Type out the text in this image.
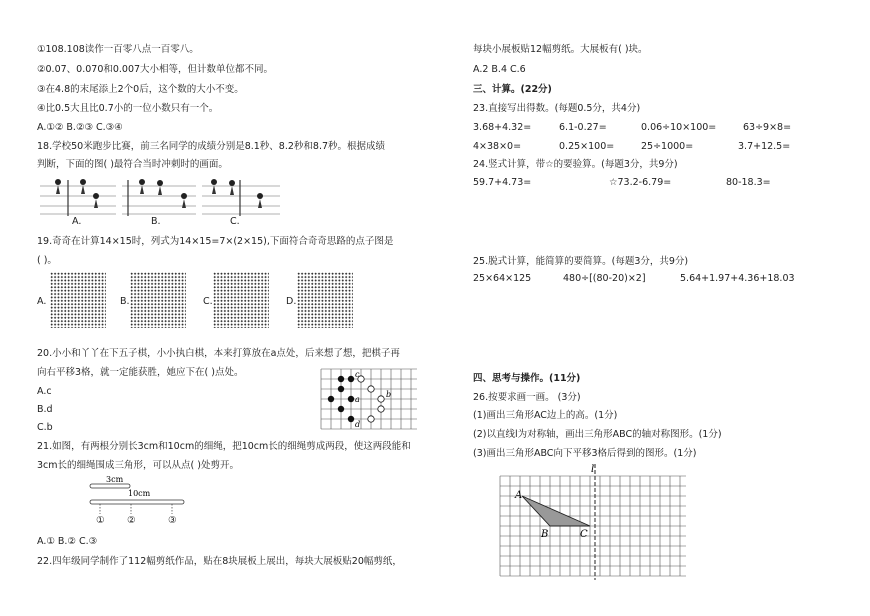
①108.108读作一百零八点一百零八。
②0.07、0.070和0.007大小相等，但计数单位都不同。
③在4.8的末尾添上2个0后，这个数的大小不变。
④比0.5大且比0.7小的一位小数只有一个。
A.①② B.②③ C.③④
18.学校50米跑步比赛，前三名同学的成绩分别是8.1秒、8.2秒和8.7秒。根据成绩
判断，下面的图( )最符合当时冲刺时的画面。
A.	B.	C.
19.奇奇在计算14×15时，列式为14×15=7×(2×15),下面符合奇奇思路的点子图是
( )。
A.	B.	C.	D.
20.小小和丫丫在下五子棋，小小执白棋，本来打算放在a点处，后来想了想，把棋子再
向右平移3格，就一定能获胜，她应下在( )点处。
A.c
B.d
C.b
c
a
b
d
21.如图，有两根分别长3cm和10cm的细绳，把10cm长的细绳剪成两段，使这两段能和
3cm长的细绳围成三角形，可以从点( )处剪开。
3cm
10cm
① ②	③
A.① B.② C.③
22.四年级同学制作了112幅剪纸作品，贴在8块展板上展出，每块大展板贴20幅剪纸，
每块小展板贴12幅剪纸。大展板有( )块。
A.2 B.4 C.6
三、计算。(22分)
23.直接写出得数。(每题0.5分，共4分)
3.68+4.32=	6.1-0.27=	0.06÷10×100=	63÷9×8=
4×38×0=	0.25×100=	25÷1000=	3.7+12.5=
24.竖式计算，带☆的要验算。(每题3分，共9分)
59.7+4.73=	☆73.2-6.79=	80-18.3=
25.脱式计算，能简算的要简算。(每题3分，共9分)
25×64×125	480÷[(80-20)×2]	5.64+1.97+4.36+18.03
四、思考与操作。(11分)
26.按要求画一画。 (3分)
(1)画出三角形AC边上的高。(1分)
(2)以直线l为对称轴，画出三角形ABC的轴对称图形。(1分)
(3)画出三角形ABC向下平移3格后得到的图形。(1分)
A
B	C
l
